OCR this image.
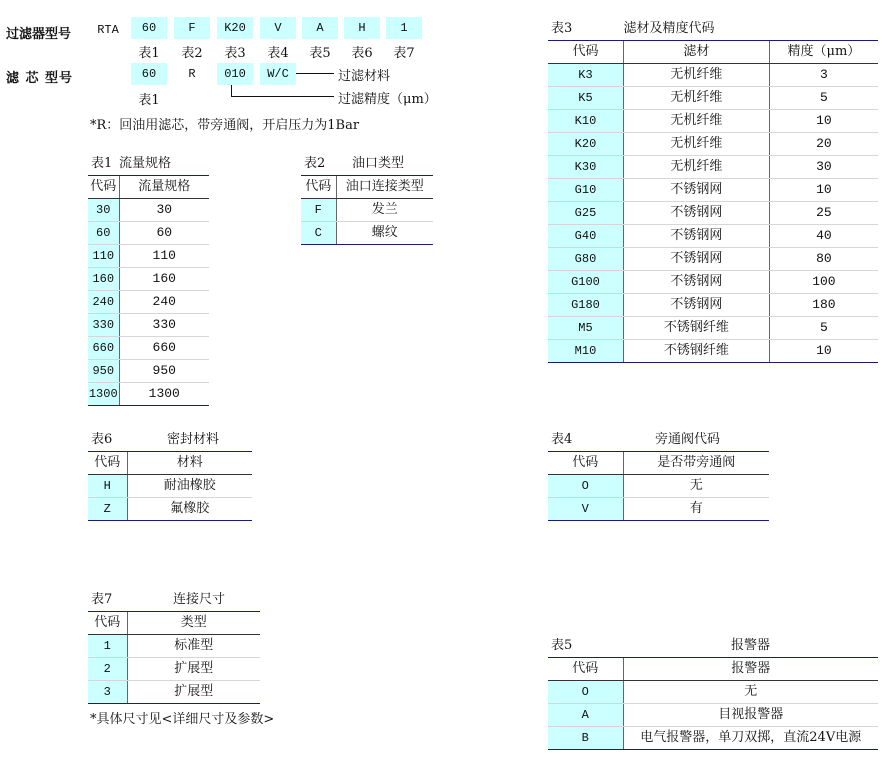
过滤器型号	RTA	60	F	K20	V	A	H	1
表1	表2	表3	表4	表5	表6	表7
滤 芯 型号	60	R	010	W/C
表1
过滤材料
过滤精度（μm）
*R：回油用滤芯，带旁通阀，开启压力为1Bar
表1	流量规格
代码	流量规格
30	30
60	60
110	110
160	160
240	240
330	330
660	660
950	950
1300	1300
表2	油口类型
代码	油口连接类型
F	发兰
C	螺纹
表3	滤材及精度代码	
代码	滤材	精度（μm）
K3	无机纤维	3
K5	无机纤维	5
K10	无机纤维	10
K20	无机纤维	20
K30	无机纤维	30
G10	不锈钢网	10
G25	不锈钢网	25
G40	不锈钢网	40
G80	不锈钢网	80
G100	不锈钢网	100
G180	不锈钢网	180
M5	不锈钢纤维	5
M10	不锈钢纤维	10
表6	密封材料
代码	材料
H	耐油橡胶
Z	氟橡胶
表4	旁通阀代码
代码	是否带旁通阀
O	无
V	有
表7	连接尺寸
代码	类型
1	标准型
2	扩展型
3	扩展型
*具体尺寸见<详细尺寸及参数>
表5	报警器
代码	报警器
O	无
A	目视报警器
B	电气报警器，单刀双掷，直流24V电源
